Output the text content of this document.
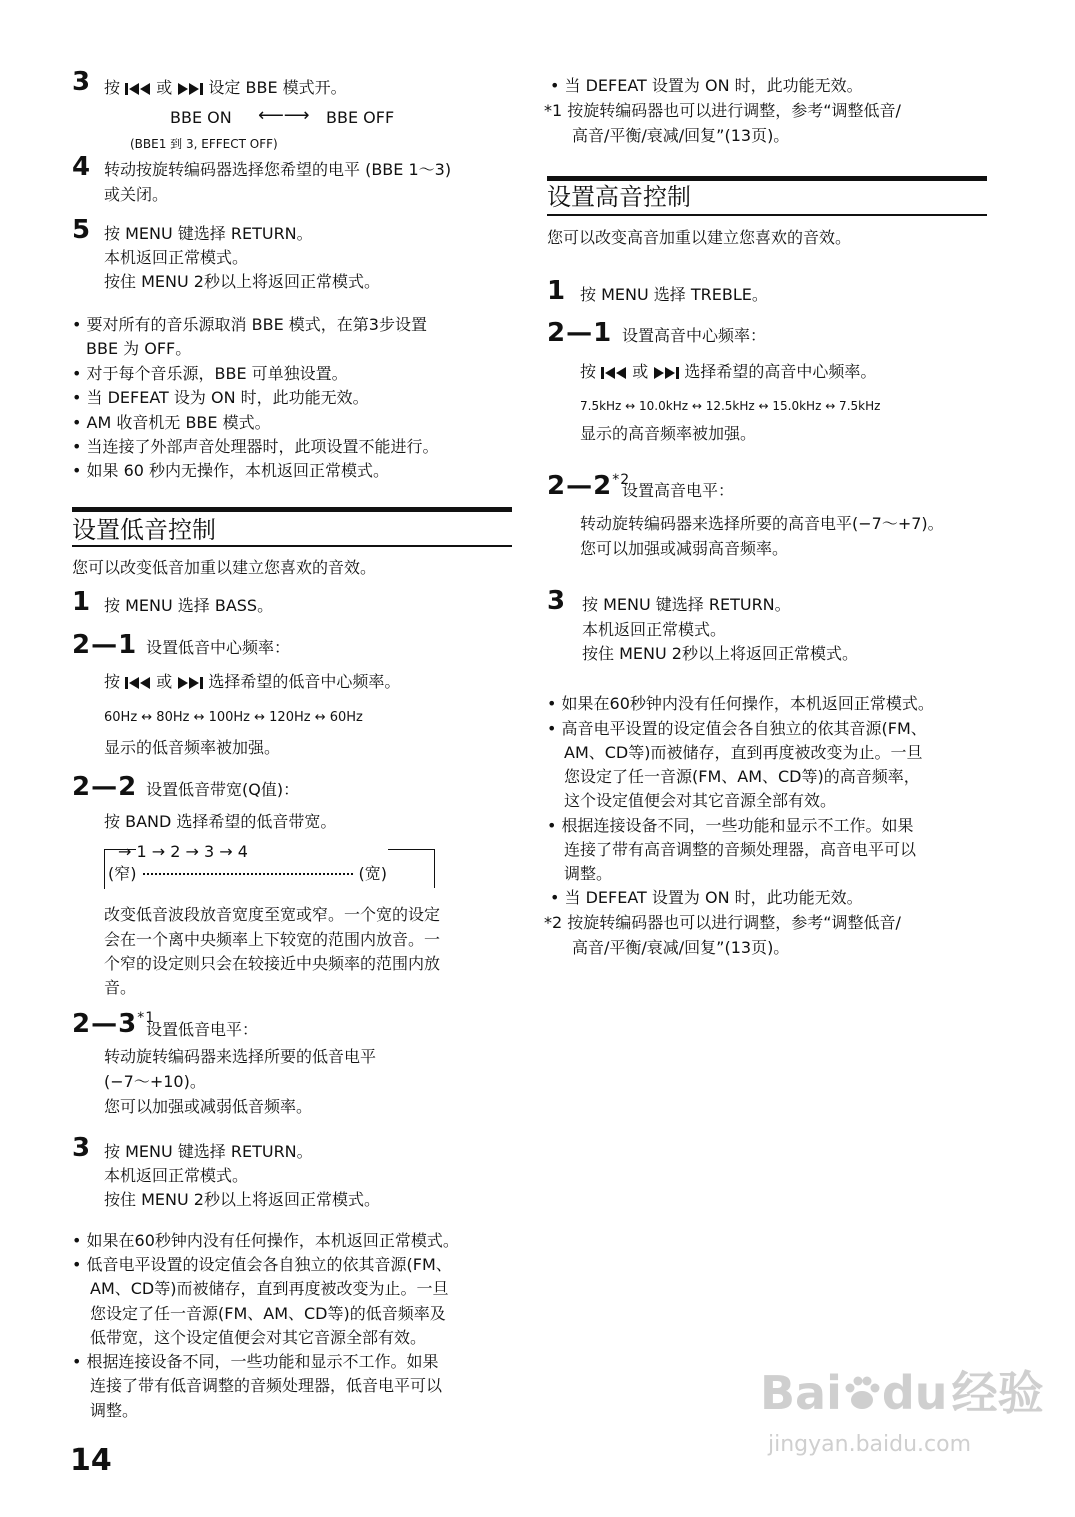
3 按 或 设定 BBE 模式开。
BBE ON ⟵⟶ BBE OFF
(BBE1 到 3, EFFECT OFF)
4 转动按旋转编码器选择您希望的电平 (BBE 1～3)
或关闭。
5 按 MENU 键选择 RETURN。
本机返回正常模式。
按住 MENU 2秒以上将返回正常模式。
• 要对所有的音乐源取消 BBE 模式，在第3步设置
BBE 为 OFF。
• 对于每个音乐源，BBE 可单独设置。
• 当 DEFEAT 设为 ON 时，此功能无效。
• AM 收音机无 BBE 模式。
• 当连接了外部声音处理器时，此项设置不能进行。
• 如果 60 秒内无操作，本机返回正常模式。
设置低音控制
您可以改变低音加重以建立您喜欢的音效。
1 按 MENU 选择 BASS。
2—1 设置低音中心频率：
按 或 选择希望的低音中心频率。
60Hz ↔ 80Hz ↔ 100Hz ↔ 120Hz ↔ 60Hz
显示的低音频率被加强。
2—2 设置低音带宽(Q值)：
按 BAND 选择希望的低音带宽。
→ 1 → 2 → 3 → 4
(窄)	(宽)
改变低音波段放音宽度至宽或窄。一个宽的设定
会在一个离中央频率上下较宽的范围内放音。一
个窄的设定则只会在较接近中央频率的范围内放
音。
2—3$^{*1}$
设置低音电平：
转动旋转编码器来选择所要的低音电平
(−7～+10)。
您可以加强或减弱低音频率。
3 按 MENU 键选择 RETURN。
本机返回正常模式。
按住 MENU 2秒以上将返回正常模式。
• 如果在60秒钟内没有任何操作，本机返回正常模式。
• 低音电平设置的设定值会各自独立的依其音源(FM、
AM、CD等)而被储存，直到再度被改变为止。一旦
您设定了任一音源(FM、AM、CD等)的低音频率及
低带宽，这个设定值便会对其它音源全部有效。
• 根据连接设备不同，一些功能和显示不工作。如果
连接了带有低音调整的音频处理器，低音电平可以
调整。
14
• 当 DEFEAT 设置为 ON 时，此功能无效。
*1 按旋转编码器也可以进行调整，参考“调整低音/
高音/平衡/衰减/回复”(13页)。
设置高音控制
您可以改变高音加重以建立您喜欢的音效。
1 按 MENU 选择 TREBLE。
2—1 设置高音中心频率：
按 或 选择希望的高音中心频率。
7.5kHz ↔ 10.0kHz ↔ 12.5kHz ↔ 15.0kHz ↔ 7.5kHz
显示的高音频率被加强。
2—2$^{*2}$
设置高音电平：
转动旋转编码器来选择所要的高音电平(−7～+7)。
您可以加强或减弱高音频率。
3 按 MENU 键选择 RETURN。
本机返回正常模式。
按住 MENU 2秒以上将返回正常模式。
• 如果在60秒钟内没有任何操作，本机返回正常模式。
• 高音电平设置的设定值会各自独立的依其音源(FM、
AM、CD等)而被储存，直到再度被改变为止。一旦
您设定了任一音源(FM、AM、CD等)的高音频率，
这个设定值便会对其它音源全部有效。
• 根据连接设备不同，一些功能和显示不工作。如果
连接了带有高音调整的音频处理器，高音电平可以
调整。
• 当 DEFEAT 设置为 ON 时，此功能无效。
*2 按旋转编码器也可以进行调整，参考“调整低音/
高音/平衡/衰减/回复”(13页)。
Bai du经验
jingyan.baidu.com
